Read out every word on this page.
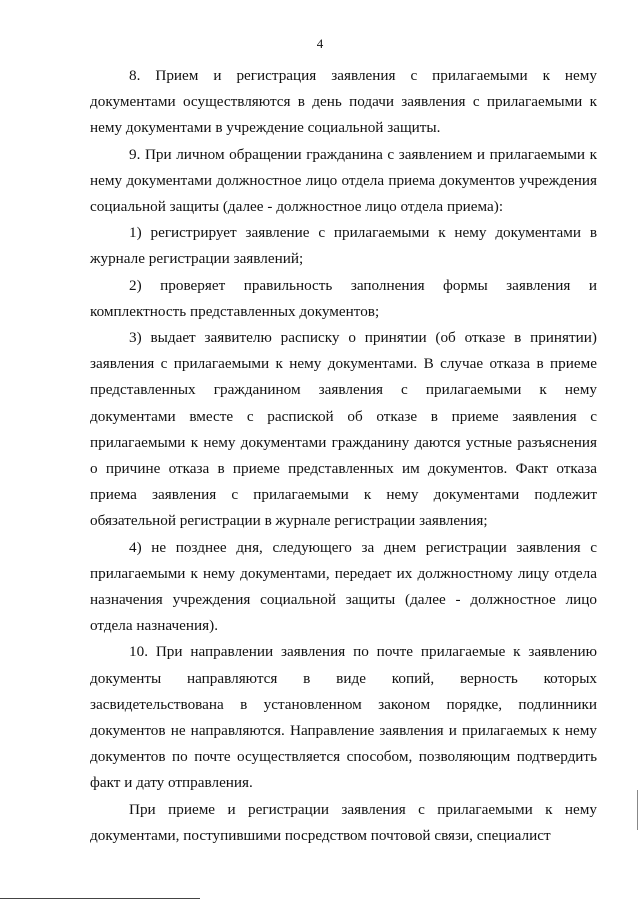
4

8. Прием и регистрация заявления с прилагаемыми к нему документами осуществляются в день подачи заявления с прилагаемыми к нему документами в учреждение социальной защиты.

9. При личном обращении гражданина с заявлением и прилагаемыми к нему документами должностное лицо отдела приема документов учреждения социальной защиты (далее - должностное лицо отдела приема):

1) регистрирует заявление с прилагаемыми к нему документами в журнале регистрации заявлений;

2) проверяет правильность заполнения формы заявления и комплектность представленных документов;

3) выдает заявителю расписку о принятии (об отказе в принятии) заявления с прилагаемыми к нему документами. В случае отказа в приеме представленных гражданином заявления с прилагаемыми к нему документами вместе с распиской об отказе в приеме заявления с прилагаемыми к нему документами гражданину даются устные разъяснения о причине отказа в приеме представленных им документов. Факт отказа приема заявления с прилагаемыми к нему документами подлежит обязательной регистрации в журнале регистрации заявления;

4) не позднее дня, следующего за днем регистрации заявления с прилагаемыми к нему документами, передает их должностному лицу отдела назначения учреждения социальной защиты (далее - должностное лицо отдела назначения).

10. При направлении заявления по почте прилагаемые к заявлению документы направляются в виде копий, верность которых засвидетельствована в установленном законом порядке, подлинники документов не направляются. Направление заявления и прилагаемых к нему документов по почте осуществляется способом, позволяющим подтвердить факт и дату отправления.

При приеме и регистрации заявления с прилагаемыми к нему документами, поступившими посредством почтовой связи, специалист
